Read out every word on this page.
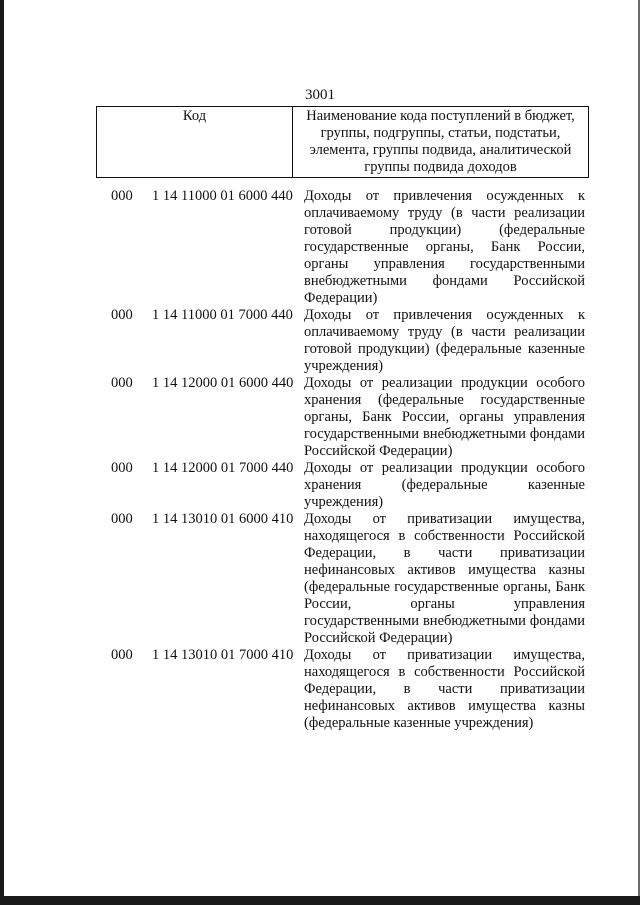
3001
Код	Наименование кода поступлений в бюджет, группы, подгруппы, статьи, подстатьи, элемента, группы подвида, аналитической группы подвида доходов
000 1 14 11000 01 6000 440 Доходы от привлечения осужденных к
оплачиваемому труду (в части реализации
готовой продукции) (федеральные
государственные органы, Банк России,
органы управления государственными
внебюджетными фондами Российской
Федерации)
000 1 14 11000 01 7000 440 Доходы от привлечения осужденных к
оплачиваемому труду (в части реализации
готовой продукции) (федеральные казенные
учреждения)
000 1 14 12000 01 6000 440 Доходы от реализации продукции особого
хранения (федеральные государственные
органы, Банк России, органы управления
государственными внебюджетными фондами
Российской Федерации)
000 1 14 12000 01 7000 440 Доходы от реализации продукции особого
хранения (федеральные казенные
учреждения)
000 1 14 13010 01 6000 410 Доходы от приватизации имущества,
находящегося в собственности Российской
Федерации, в части приватизации
нефинансовых активов имущества казны
(федеральные государственные органы, Банк
России, органы управления
государственными внебюджетными фондами
Российской Федерации)
000 1 14 13010 01 7000 410 Доходы от приватизации имущества,
находящегося в собственности Российской
Федерации, в части приватизации
нефинансовых активов имущества казны
(федеральные казенные учреждения)
